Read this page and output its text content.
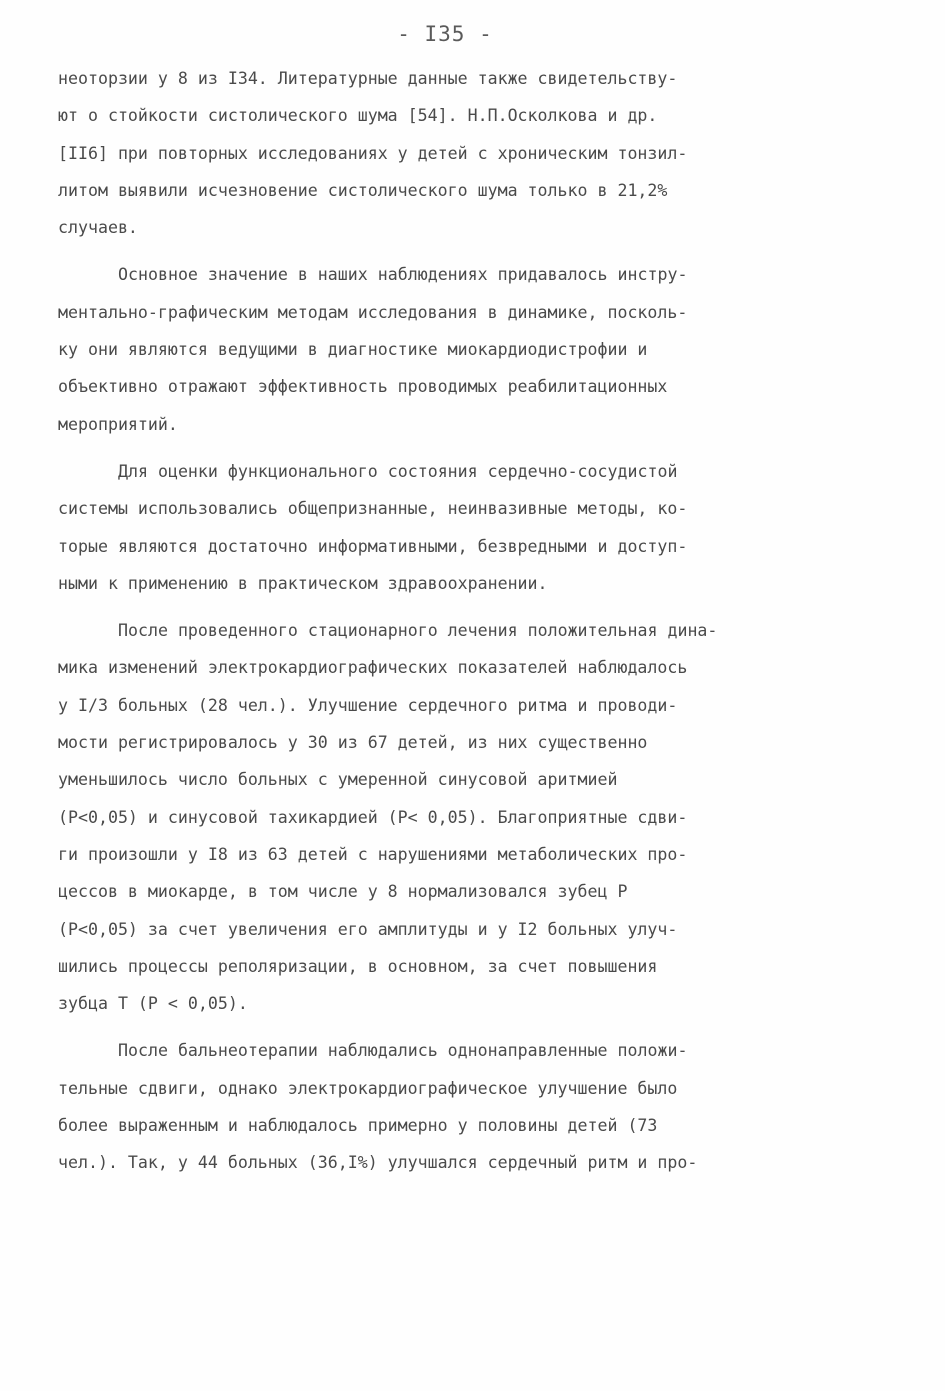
- I35 -
неоторзии у 8 из I34. Литературные данные также свидетельству-
ют о стойкости систолического шума [54]. Н.П.Осколкова и др.
[II6] при повторных исследованиях у детей с хроническим тонзил-
литом выявили исчезновение систолического шума только в 21,2%
случаев.
Основное значение в наших наблюдениях придавалось инстру-
ментально-графическим методам исследования в динамике, посколь-
ку они являются ведущими в диагностике миокардиодистрофии и
объективно отражают эффективность проводимых реабилитационных
мероприятий.
Для оценки функционального состояния сердечно-сосудистой
системы использовались общепризнанные, неинвазивные методы, ко-
торые являются достаточно информативными, безвредными и доступ-
ными к применению в практическом здравоохранении.
После проведенного стационарного лечения положительная дина-
мика изменений электрокардиографических показателей наблюдалось
у I/3 больных (28 чел.). Улучшение сердечного ритма и проводи-
мости регистрировалось у 30 из 67 детей, из них существенно
уменьшилось число больных с умеренной синусовой аритмией
(Р<0,05) и синусовой тахикардией (Р< 0,05). Благоприятные сдви-
ги произошли у I8 из 63 детей с нарушениями метаболических про-
цессов в миокарде, в том числе у 8 нормализовался зубец Р
(Р<0,05) за счет увеличения его амплитуды и у I2 больных улуч-
шились процессы реполяризации, в основном, за счет повышения
зубца Т (Р < 0,05).
После бальнеотерапии наблюдались однонаправленные положи-
тельные сдвиги, однако электрокардиографическое улучшение было
более выраженным и наблюдалось примерно у половины детей (73
чел.). Так, у 44 больных (36,I%) улучшался сердечный ритм и про-
